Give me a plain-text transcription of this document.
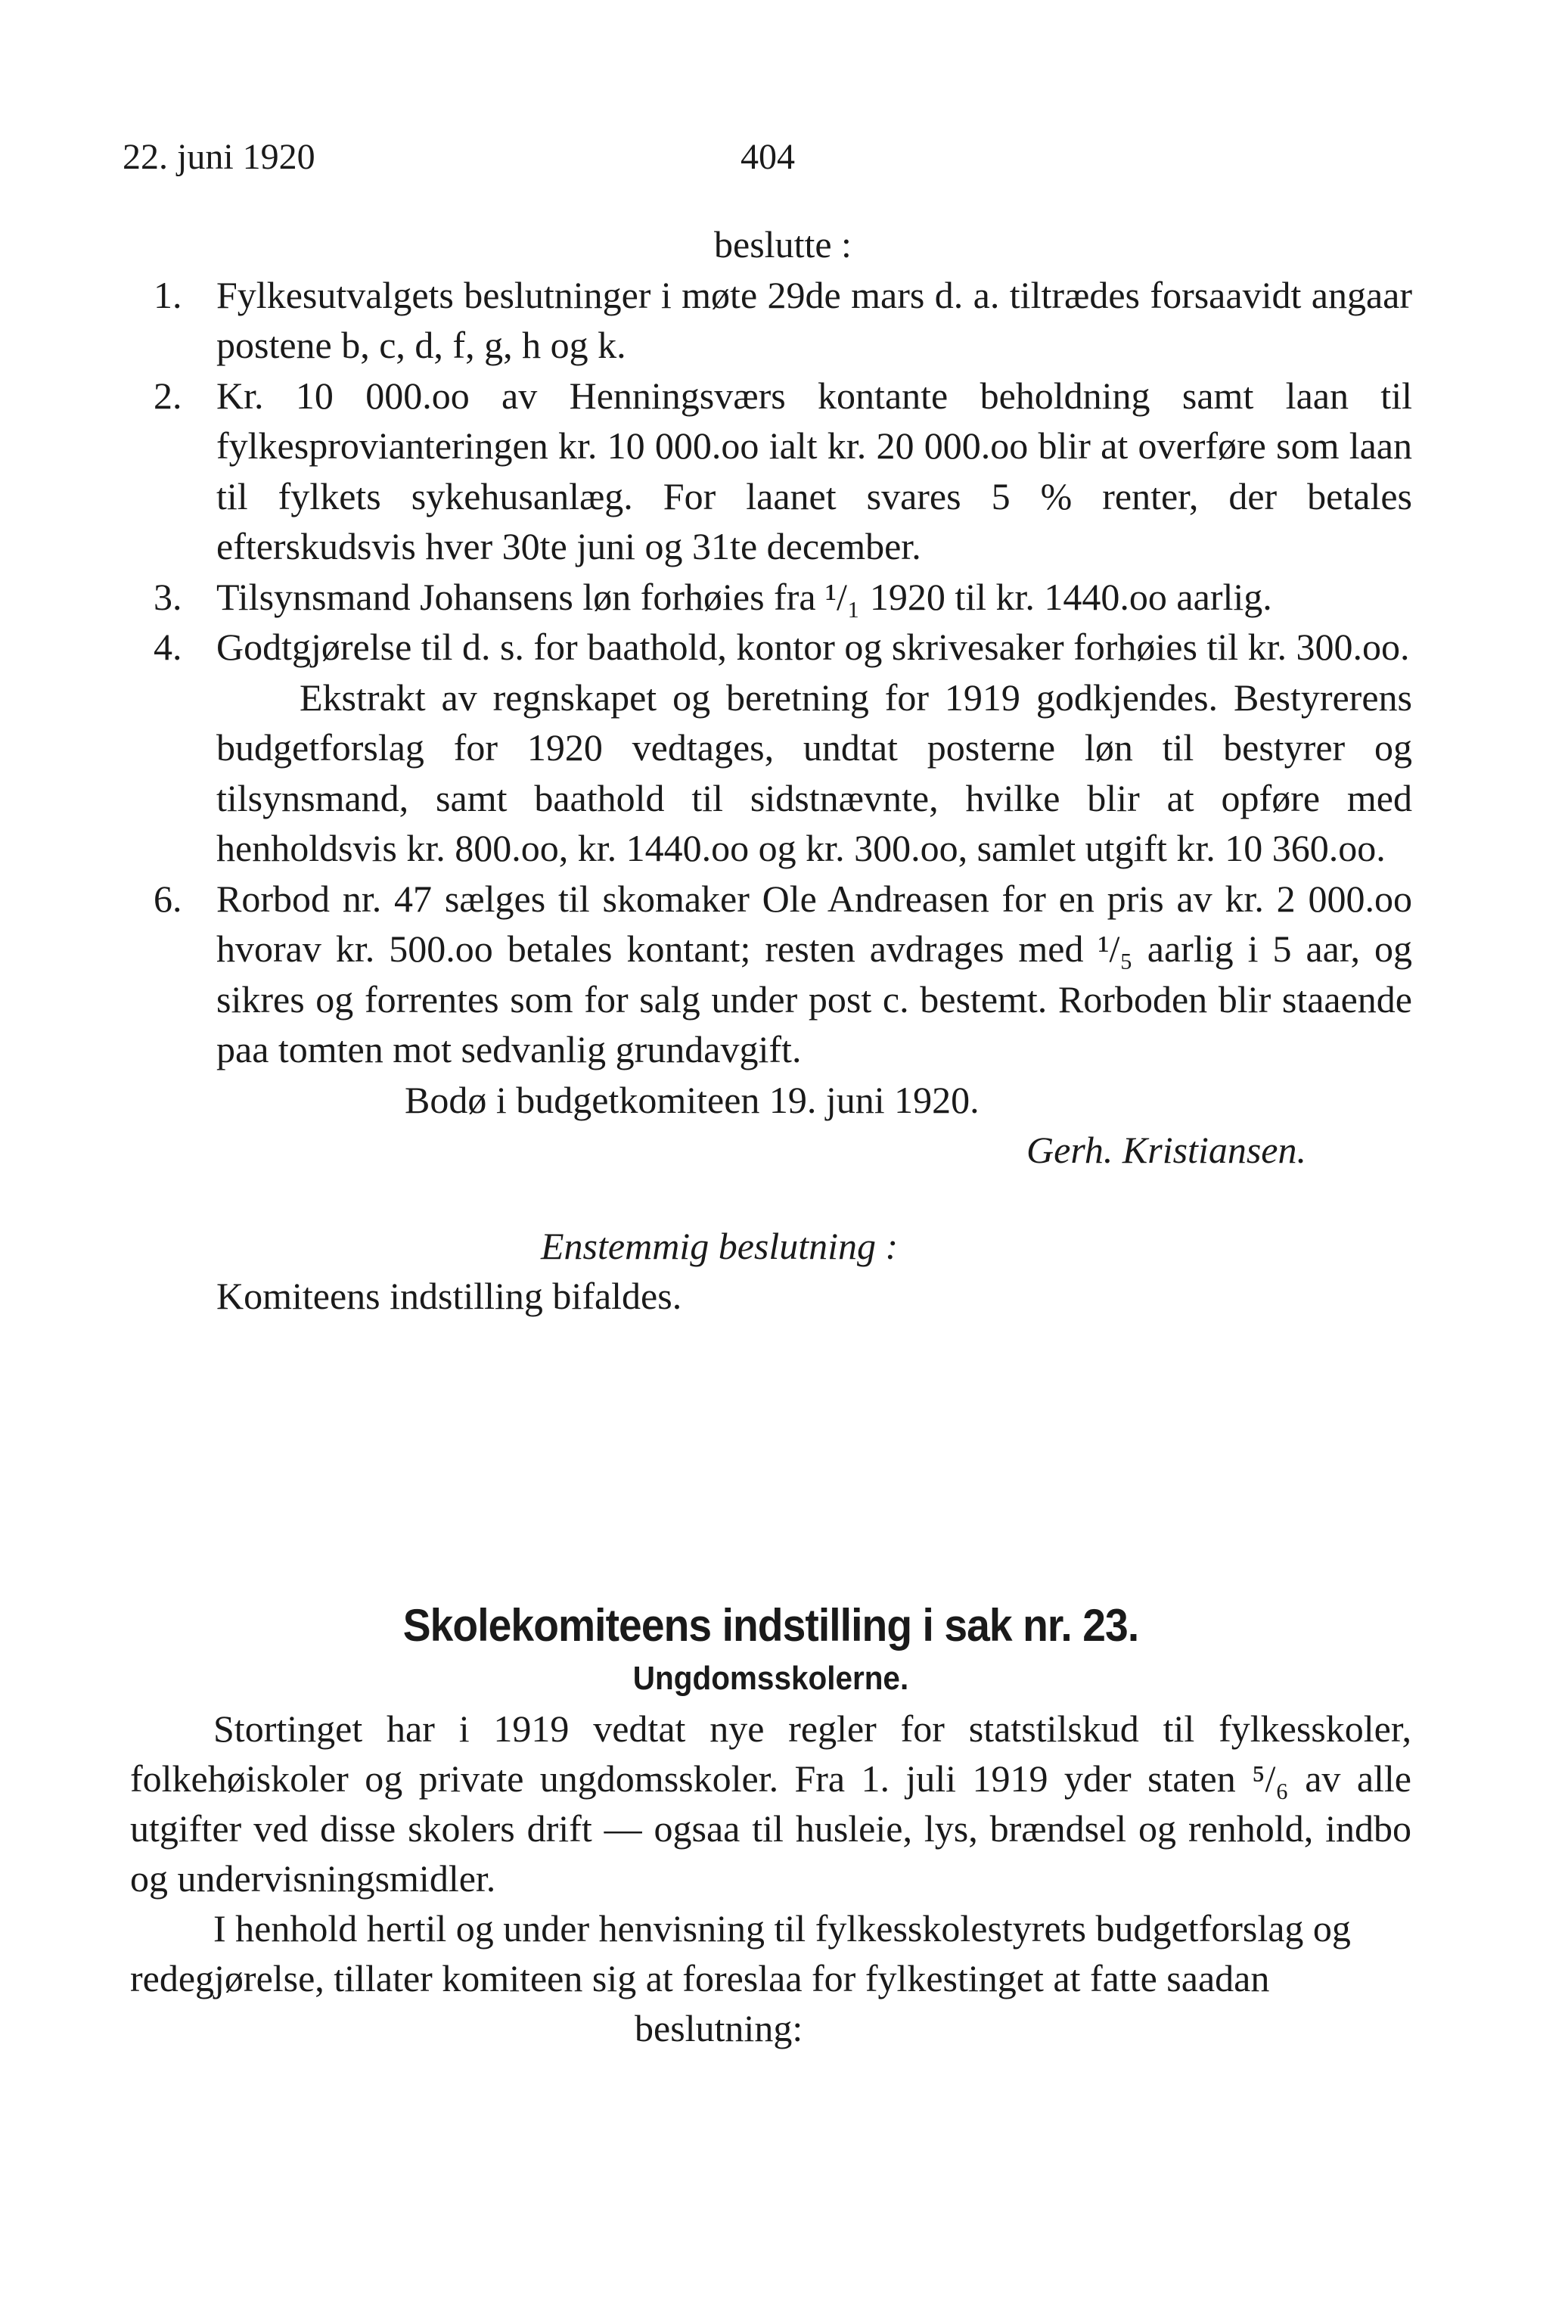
22. juni 1920	404
beslutte :
1. Fylkesutvalgets beslutninger i møte 29de mars d. a. tiltrædes forsaavidt angaar postene b, c, d, f, g, h og k.
2. Kr. 10 000.oo av Henningsværs kontante beholdning samt laan til fylkesprovianteringen kr. 10 000.oo ialt kr. 20 000.oo blir at overføre som laan til fylkets sykehusanlæg. For laanet svares 5 % renter, der betales efterskudsvis hver 30te juni og 31te december.
3. Tilsynsmand Johansens løn forhøies fra ¹/₁ 1920 til kr. 1440.oo aarlig.
4. Godtgjørelse til d. s. for baathold, kontor og skrivesaker forhøies til kr. 300.oo.
Ekstrakt av regnskapet og beretning for 1919 godkjendes. Bestyrerens budgetforslag for 1920 vedtages, undtat posterne løn til bestyrer og tilsynsmand, samt baathold til sidstnævnte, hvilke blir at opføre med henholdsvis kr. 800.oo, kr. 1440.oo og kr. 300.oo, samlet utgift kr. 10 360.oo.
6. Rorbod nr. 47 sælges til skomaker Ole Andreasen for en pris av kr. 2 000.oo hvorav kr. 500.oo betales kontant; resten avdrages med ¹/₅ aarlig i 5 aar, og sikres og forrentes som for salg under post c. bestemt. Rorboden blir staaende paa tomten mot sedvanlig grundavgift.
Bodø i budgetkomiteen 19. juni 1920.
Gerh. Kristiansen.
Enstemmig beslutning :
Komiteens indstilling bifaldes.
Skolekomiteens indstilling i sak nr. 23.
Ungdomsskolerne.
Stortinget har i 1919 vedtat nye regler for statstilskud til fylkesskoler, folkehøiskoler og private ungdomsskoler. Fra 1. juli 1919 yder staten ⁵/₆ av alle utgifter ved disse skolers drift — ogsaa til husleie, lys, brændsel og renhold, indbo og undervisningsmidler.
I henhold hertil og under henvisning til fylkesskolestyrets budgetforslag og redegjørelse, tillater komiteen sig at foreslaa for fylkestinget at fatte saadan
beslutning:
